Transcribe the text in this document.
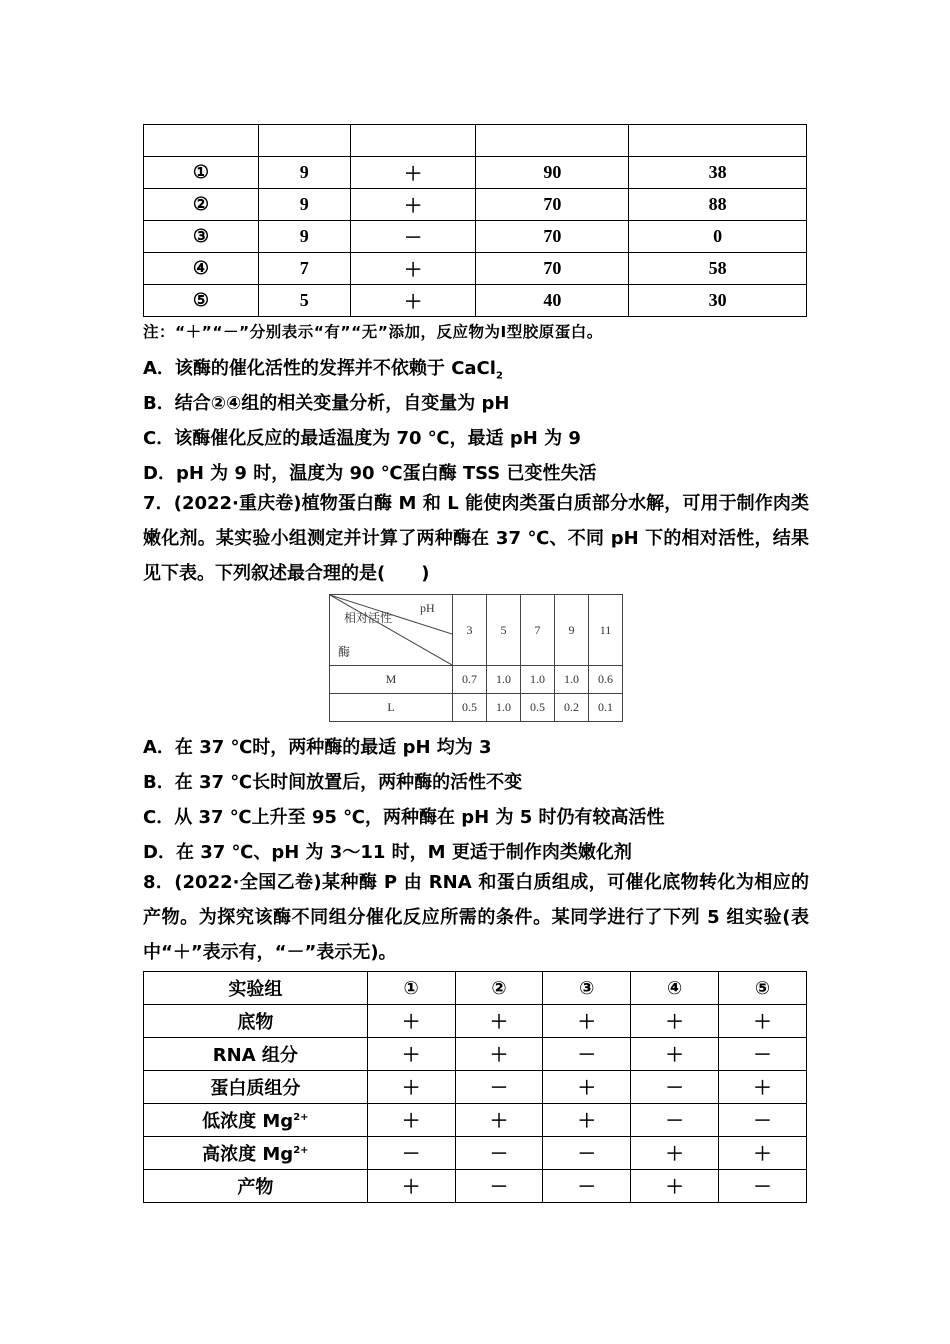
①	9	＋	90	38
②	9	＋	70	88
③	9	－	70	0
④	7	＋	70	58
⑤	5	＋	40	30
注：“＋”“－”分别表示“有”“无”添加，反应物为Ⅰ型胶原蛋白。
A．该酶的催化活性的发挥并不依赖于 CaCl$_2$
B．结合②④组的相关变量分析，自变量为 pH
C．该酶催化反应的最适温度为 70 ℃，最适 pH 为 9
D．pH 为 9 时，温度为 90 ℃蛋白酶 TSS 已变性失活
7．(2022·重庆卷)植物蛋白酶 M 和 L 能使肉类蛋白质部分水解，可用于制作肉类嫩化剂。某实验小组测定并计算了两种酶在 37 ℃、不同 pH 下的相对活性，结果见下表。下列叙述最合理的是(　　)
pH
相对活性
酶	3	5	7	9	11
M	0.7	1.0	1.0	1.0	0.6
L	0.5	1.0	0.5	0.2	0.1
A．在 37 ℃时，两种酶的最适 pH 均为 3
B．在 37 ℃长时间放置后，两种酶的活性不变
C．从 37 ℃上升至 95 ℃，两种酶在 pH 为 5 时仍有较高活性
D．在 37 ℃、pH 为 3～11 时，M 更适于制作肉类嫩化剂
8．(2022·全国乙卷)某种酶 P 由 RNA 和蛋白质组成，可催化底物转化为相应的产物。为探究该酶不同组分催化反应所需的条件。某同学进行了下列 5 组实验(表中“＋”表示有，“－”表示无)。
实验组	①	②	③	④	⑤
底物	＋	＋	＋	＋	＋
RNA 组分	＋	＋	－	＋	－
蛋白质组分	＋	－	＋	－	＋
低浓度 $Mg^{2+}$	＋	＋	＋	－	－
高浓度 $Mg^{2+}$	－	－	－	＋	＋
产物	＋	－	－	＋	－
